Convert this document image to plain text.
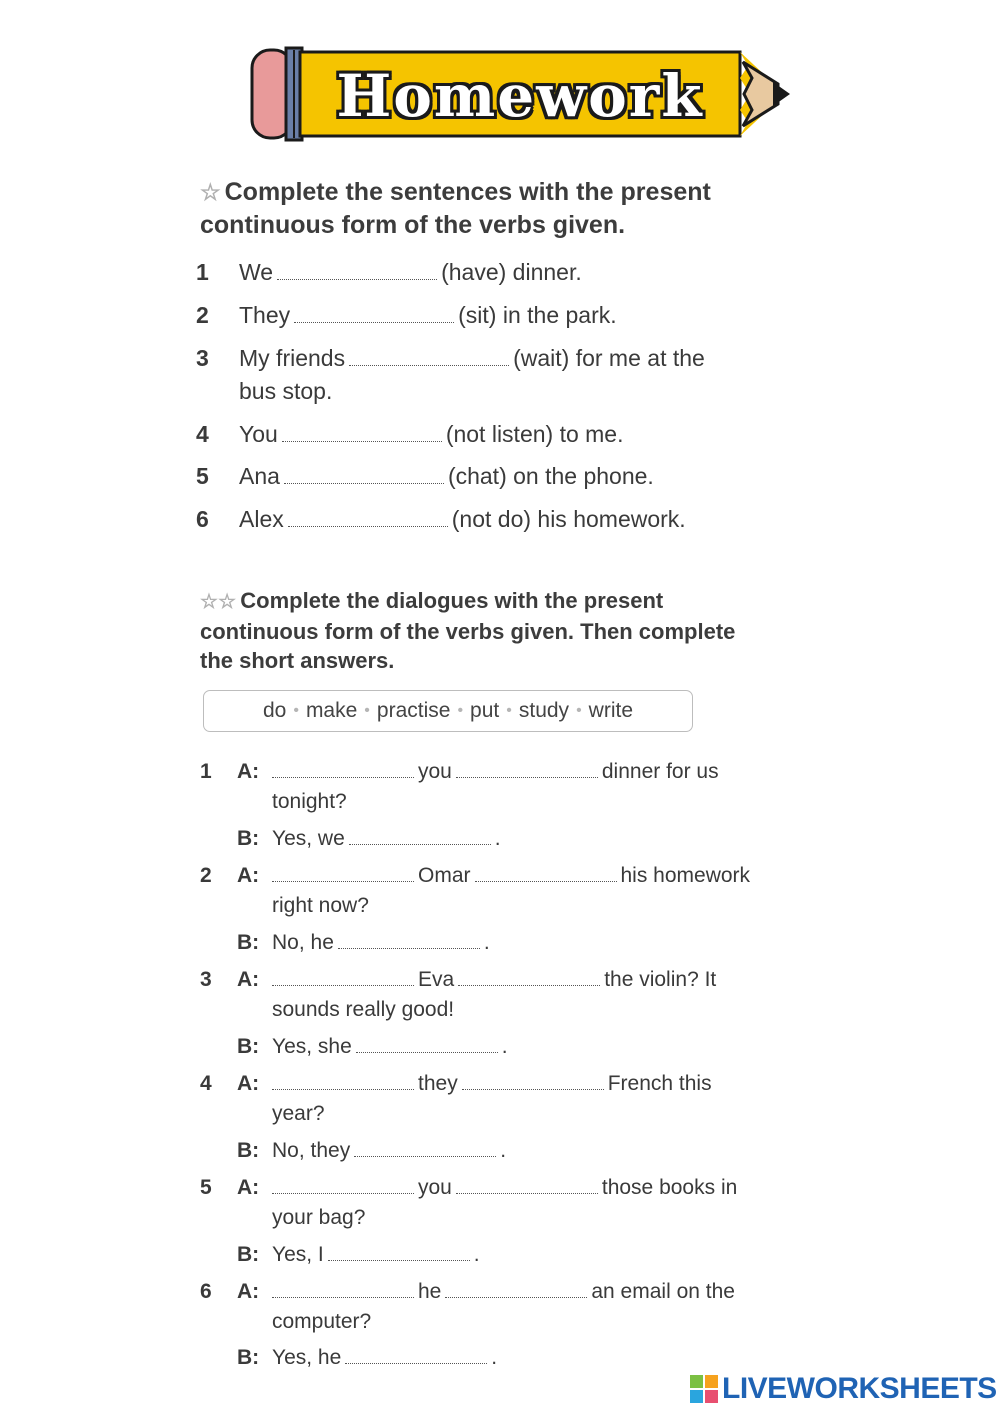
Homework
☆ Complete the sentences with the present continuous form of the verbs given.
1 We	(have) dinner.
2 They	(sit) in the park.
3 My friends	(wait) for me at the
bus stop.
4 You	(not listen) to me.
5 Ana	(chat) on the phone.
6 Alex	(not do) his homework.
☆☆ Complete the dialogues with the present continuous form of the verbs given. Then complete the short answers.
do • make • practise • put • study • write
1 A:	you	dinner for us
tonight?
B: Yes, we	.
2 A:	Omar	his homework
right now?
B: No, he	.
3 A:	Eva	the violin? It
sounds really good!
B: Yes, she	.
4 A:	they	French this
year?
B: No, they	.
5 A:	you	those books in
your bag?
B: Yes, I	.
6 A:	he	an email on the
computer?
B: Yes, he	.
LIVEWORKSHEETS
